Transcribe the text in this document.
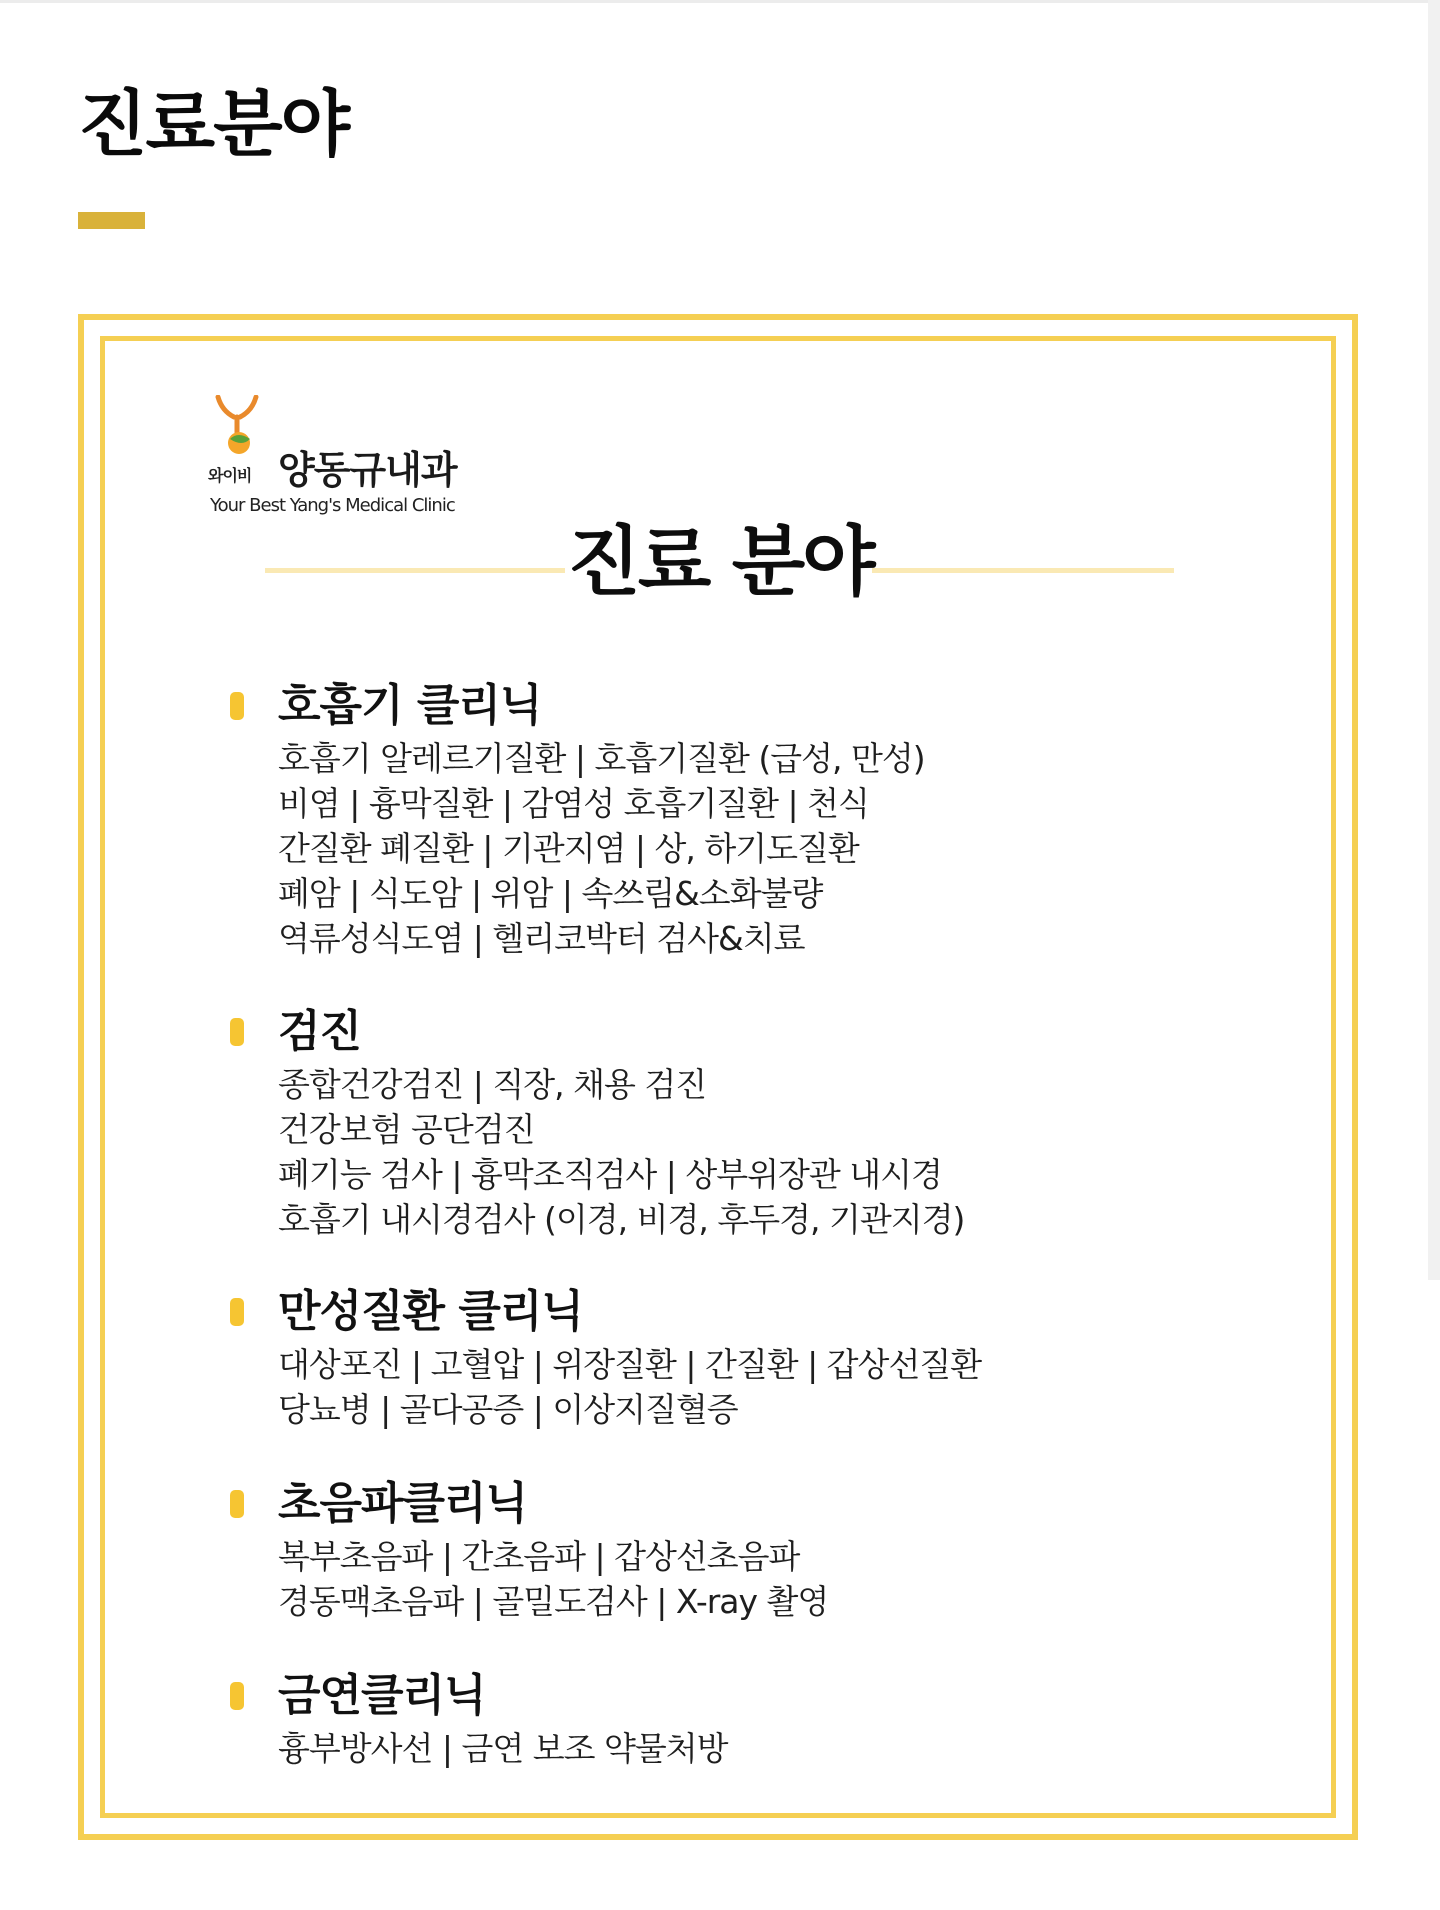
진료분야
와이비 양동규내과
Your Best Yang's Medical Clinic
진료 분야
호흡기 클리닉
호흡기 알레르기질환 | 호흡기질환 (급성, 만성)
비염 | 흉막질환 | 감염성 호흡기질환 | 천식
간질환 폐질환 | 기관지염 | 상, 하기도질환
폐암 | 식도암 | 위암 | 속쓰림&소화불량
역류성식도염 | 헬리코박터 검사&치료
검진
종합건강검진 | 직장, 채용 검진
건강보험 공단검진
폐기능 검사 | 흉막조직검사 | 상부위장관 내시경
호흡기 내시경검사 (이경, 비경, 후두경, 기관지경)
만성질환 클리닉
대상포진 | 고혈압 | 위장질환 | 간질환 | 갑상선질환
당뇨병 | 골다공증 | 이상지질혈증
초음파클리닉
복부초음파 | 간초음파 | 갑상선초음파
경동맥초음파 | 골밀도검사 | X-ray 촬영
금연클리닉
흉부방사선 | 금연 보조 약물처방
